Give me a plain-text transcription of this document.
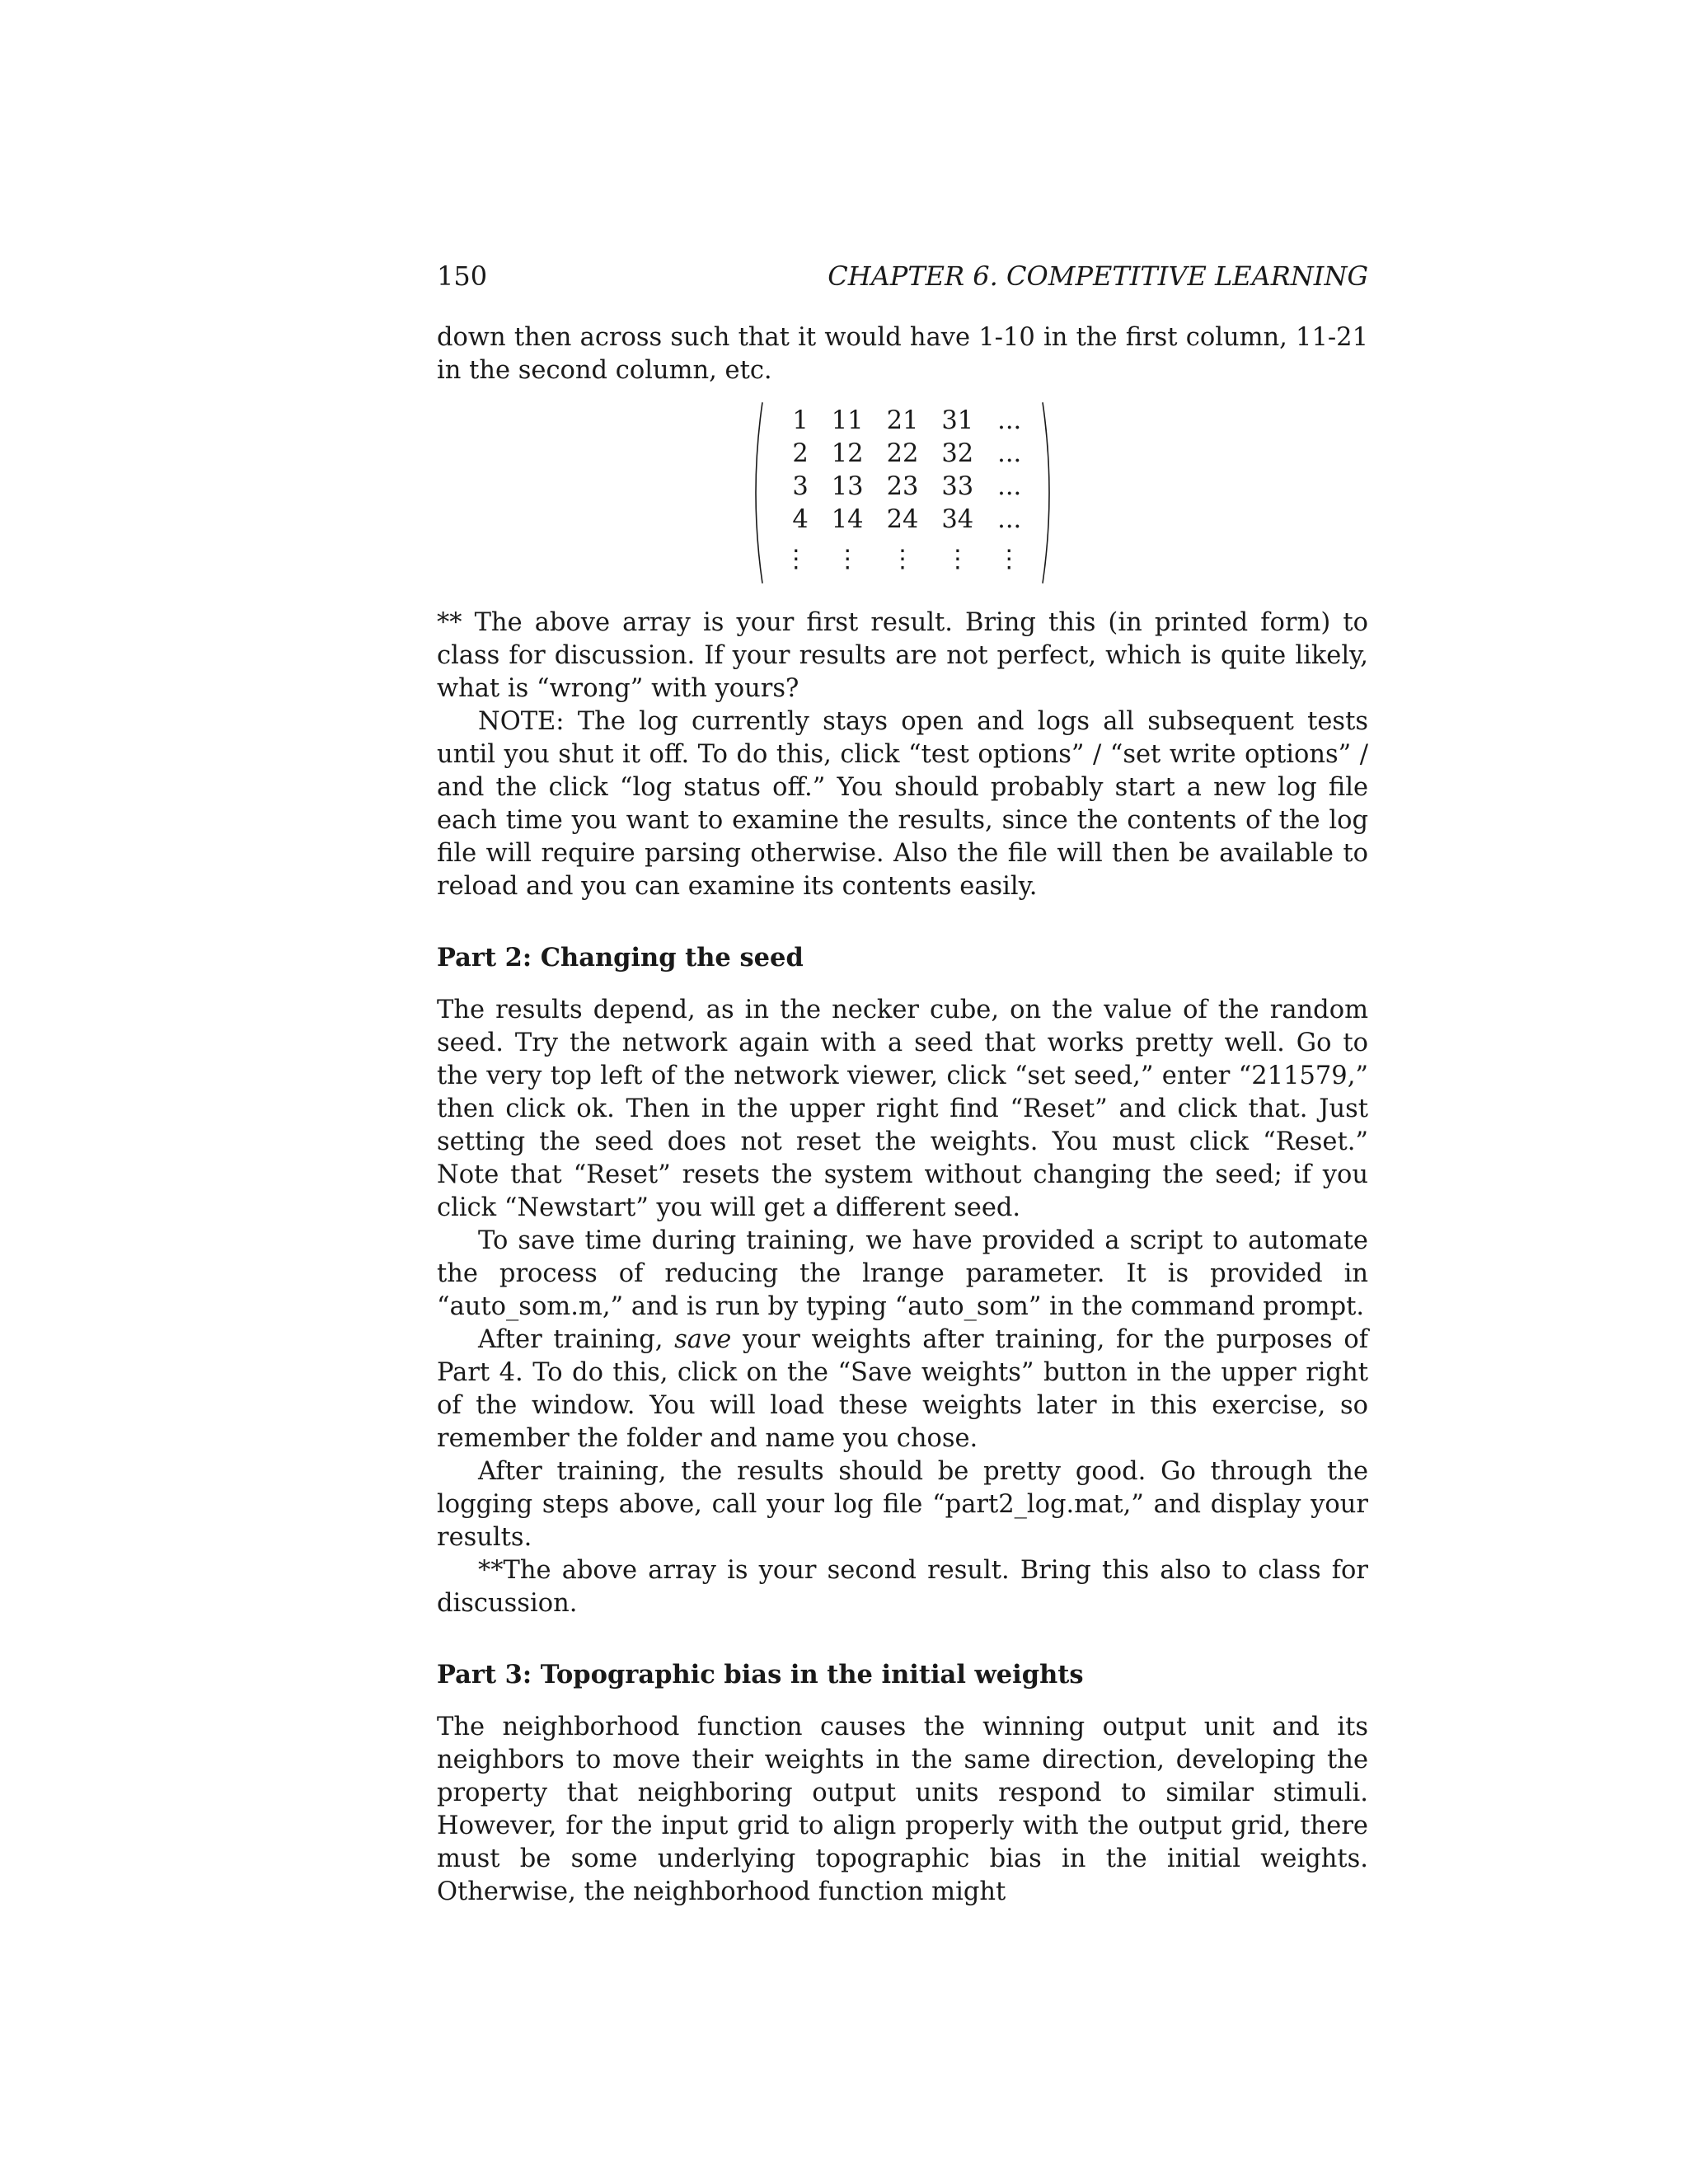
150	CHAPTER 6. COMPETITIVE LEARNING

down then across such that it would have 1-10 in the first column, 11-21 in the second column, etc.

1	11	21	31	...
2	12	22	32	...
3	13	23	33	...
4	14	24	34	...
⋮	⋮	⋮	⋮	⋮

** The above array is your first result. Bring this (in printed form) to class for discussion. If your results are not perfect, which is quite likely, what is “wrong” with yours?

NOTE: The log currently stays open and logs all subsequent tests until you shut it off. To do this, click “test options” / “set write options” / and the click “log status off.” You should probably start a new log file each time you want to examine the results, since the contents of the log file will require parsing otherwise. Also the file will then be available to reload and you can examine its contents easily.

Part 2: Changing the seed

The results depend, as in the necker cube, on the value of the random seed. Try the network again with a seed that works pretty well. Go to the very top left of the network viewer, click “set seed,” enter “211579,” then click ok. Then in the upper right find “Reset” and click that. Just setting the seed does not reset the weights. You must click “Reset.” Note that “Reset” resets the system without changing the seed; if you click “Newstart” you will get a different seed.

To save time during training, we have provided a script to automate the process of reducing the lrange parameter. It is provided in “auto_som.m,” and is run by typing “auto_som” in the command prompt.

After training, save your weights after training, for the purposes of Part 4. To do this, click on the “Save weights” button in the upper right of the window. You will load these weights later in this exercise, so remember the folder and name you chose.

After training, the results should be pretty good. Go through the logging steps above, call your log file “part2_log.mat,” and display your results.

**The above array is your second result. Bring this also to class for discussion.

Part 3: Topographic bias in the initial weights

The neighborhood function causes the winning output unit and its neighbors to move their weights in the same direction, developing the property that neighboring output units respond to similar stimuli. However, for the input grid to align properly with the output grid, there must be some underlying topographic bias in the initial weights. Otherwise, the neighborhood function might
